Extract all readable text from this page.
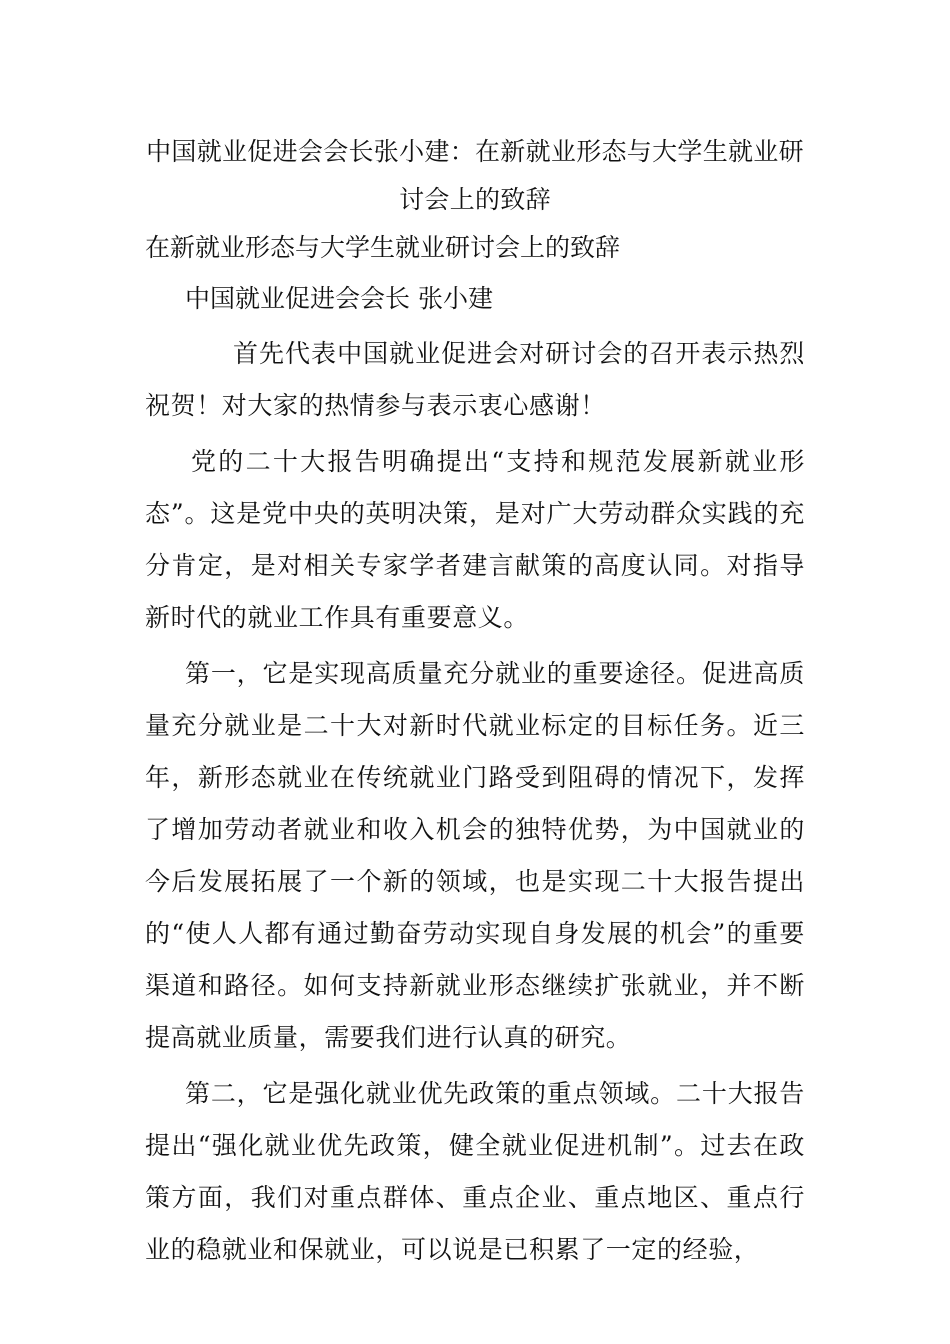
中国就业促进会会长张小建：在新就业形态与大学生就业研讨会上的致辞
在新就业形态与大学生就业研讨会上的致辞

中国就业促进会会长 张小建

首先代表中国就业促进会对研讨会的召开表示热烈祝贺！对大家的热情参与表示衷心感谢！

党的二十大报告明确提出“支持和规范发展新就业形态”。这是党中央的英明决策，是对广大劳动群众实践的充分肯定，是对相关专家学者建言献策的高度认同。对指导新时代的就业工作具有重要意义。

第一，它是实现高质量充分就业的重要途径。促进高质量充分就业是二十大对新时代就业标定的目标任务。近三年，新形态就业在传统就业门路受到阻碍的情况下，发挥了增加劳动者就业和收入机会的独特优势，为中国就业的今后发展拓展了一个新的领域，也是实现二十大报告提出的“使人人都有通过勤奋劳动实现自身发展的机会”的重要渠道和路径。如何支持新就业形态继续扩张就业，并不断提高就业质量，需要我们进行认真的研究。

第二，它是强化就业优先政策的重点领域。二十大报告提出“强化就业优先政策，健全就业促进机制”。过去在政策方面，我们对重点群体、重点企业、重点地区、重点行业的稳就业和保就业，可以说是已积累了一定的经验，
